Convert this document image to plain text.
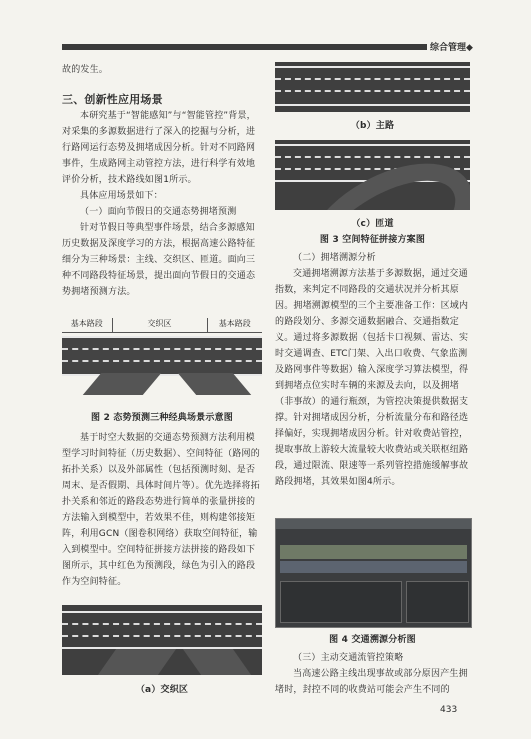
综合管理◆

故的发生。

三、创新性应用场景

本研究基于“智能感知”与“智能管控”背景，对采集的多源数据进行了深入的挖掘与分析，进行路网运行态势及拥堵成因分析。针对不同路网事件，生成路网主动管控方法，进行科学有效地评价分析，技术路线如图1所示。

具体应用场景如下：

（一）面向节假日的交通态势拥堵预测

针对节假日等典型事件场景，结合多源感知历史数据及深度学习的方法，根据高速公路特征细分为三种场景：主线、交织区、匝道。面向三种不同路段特征场景，提出面向节假日的交通态势拥堵预测方法。

基本路段	交织区	基本路段
图 2 态势预测三种经典场景示意图

基于时空大数据的交通态势预测方法利用模型学习时间特征（历史数据）、空间特征（路网的拓扑关系）以及外部属性（包括预测时刻、是否周末、是否假期、具体时间片等）。优先选择将拓扑关系和邻近的路段态势进行简单的张量拼接的方法输入到模型中，若效果不佳，则构建邻接矩阵，利用GCN（图卷积网络）获取空间特征，输入到模型中。空间特征拼接方法拼接的路段如下图所示，其中红色为预测段，绿色为引入的路段作为空间特征。

（a）交织区
（b）主路
（c）匝道
图 3 空间特征拼接方案图

（二）拥堵溯源分析

交通拥堵溯源方法基于多源数据，通过交通指数，来判定不同路段的交通状况并分析其原因。拥堵溯源模型的三个主要准备工作：区域内的路段划分、多源交通数据融合、交通指数定义。通过将多源数据（包括卡口视频、雷达、实时交通调查、ETC门架、入出口收费、气象监测及路网事件等数据）输入深度学习算法模型，得到拥堵点位实时车辆的来源及去向，以及拥堵（非事故）的通行瓶颈，为管控决策提供数据支撑。针对拥堵成因分析，分析流量分布和路径选择偏好，实现拥堵成因分析。针对收费站管控，提取事故上游较大流量较大收费站或关联枢纽路段，通过限流、限速等一系列管控措施缓解事故路段拥堵，其效果如图4所示。

图 4 交通溯源分析图

（三）主动交通流管控策略

当高速公路主线出现事故或部分原因产生拥堵时，封控不同的收费站可能会产生不同的

433
